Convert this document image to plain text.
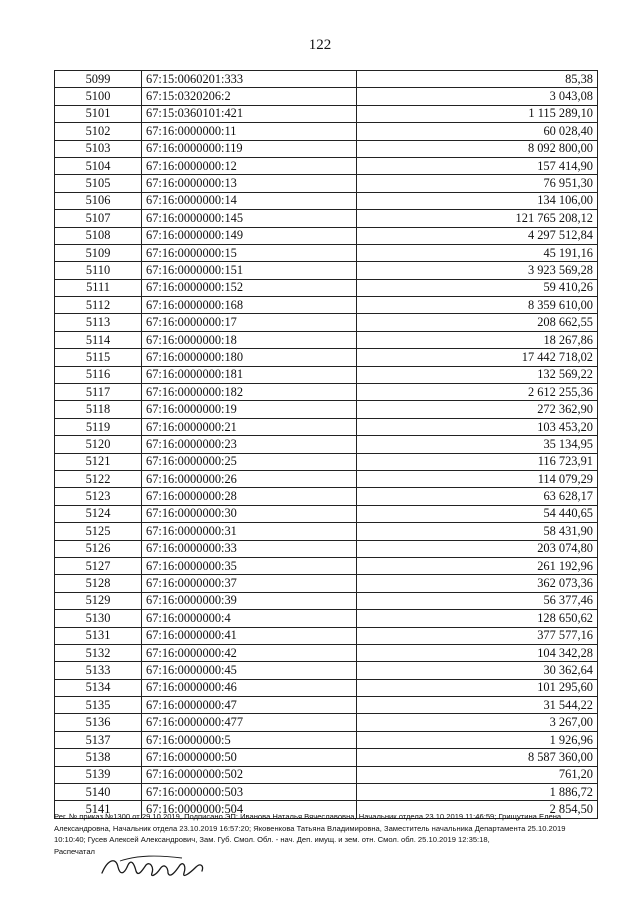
122
5099	67:15:0060201:333	85,38
5100	67:15:0320206:2	3 043,08
5101	67:15:0360101:421	1 115 289,10
5102	67:16:0000000:11	60 028,40
5103	67:16:0000000:119	8 092 800,00
5104	67:16:0000000:12	157 414,90
5105	67:16:0000000:13	76 951,30
5106	67:16:0000000:14	134 106,00
5107	67:16:0000000:145	121 765 208,12
5108	67:16:0000000:149	4 297 512,84
5109	67:16:0000000:15	45 191,16
5110	67:16:0000000:151	3 923 569,28
5111	67:16:0000000:152	59 410,26
5112	67:16:0000000:168	8 359 610,00
5113	67:16:0000000:17	208 662,55
5114	67:16:0000000:18	18 267,86
5115	67:16:0000000:180	17 442 718,02
5116	67:16:0000000:181	132 569,22
5117	67:16:0000000:182	2 612 255,36
5118	67:16:0000000:19	272 362,90
5119	67:16:0000000:21	103 453,20
5120	67:16:0000000:23	35 134,95
5121	67:16:0000000:25	116 723,91
5122	67:16:0000000:26	114 079,29
5123	67:16:0000000:28	63 628,17
5124	67:16:0000000:30	54 440,65
5125	67:16:0000000:31	58 431,90
5126	67:16:0000000:33	203 074,80
5127	67:16:0000000:35	261 192,96
5128	67:16:0000000:37	362 073,36
5129	67:16:0000000:39	56 377,46
5130	67:16:0000000:4	128 650,62
5131	67:16:0000000:41	377 577,16
5132	67:16:0000000:42	104 342,28
5133	67:16:0000000:45	30 362,64
5134	67:16:0000000:46	101 295,60
5135	67:16:0000000:47	31 544,22
5136	67:16:0000000:477	3 267,00
5137	67:16:0000000:5	1 926,96
5138	67:16:0000000:50	8 587 360,00
5139	67:16:0000000:502	761,20
5140	67:16:0000000:503	1 886,72
5141	67:16:0000000:504	2 854,50

Рег. № приказ №1300 от 29.10.2019, Подписано ЭП: Иванова Наталья Вячеславовна, Начальник отдела 23.10.2019 11:46:59; Грищутина Елена

Александровна, Начальник отдела 23.10.2019 16:57:20; Яковенкова Татьяна Владимировна, Заместитель начальника Департамента 25.10.2019

10:10:40; Гусев Алексей Александрович, Зам. Губ. Смол. Обл. - нач. Деп. имущ. и зем. отн. Смол. обл. 25.10.2019 12:35:18,

Распечатал
